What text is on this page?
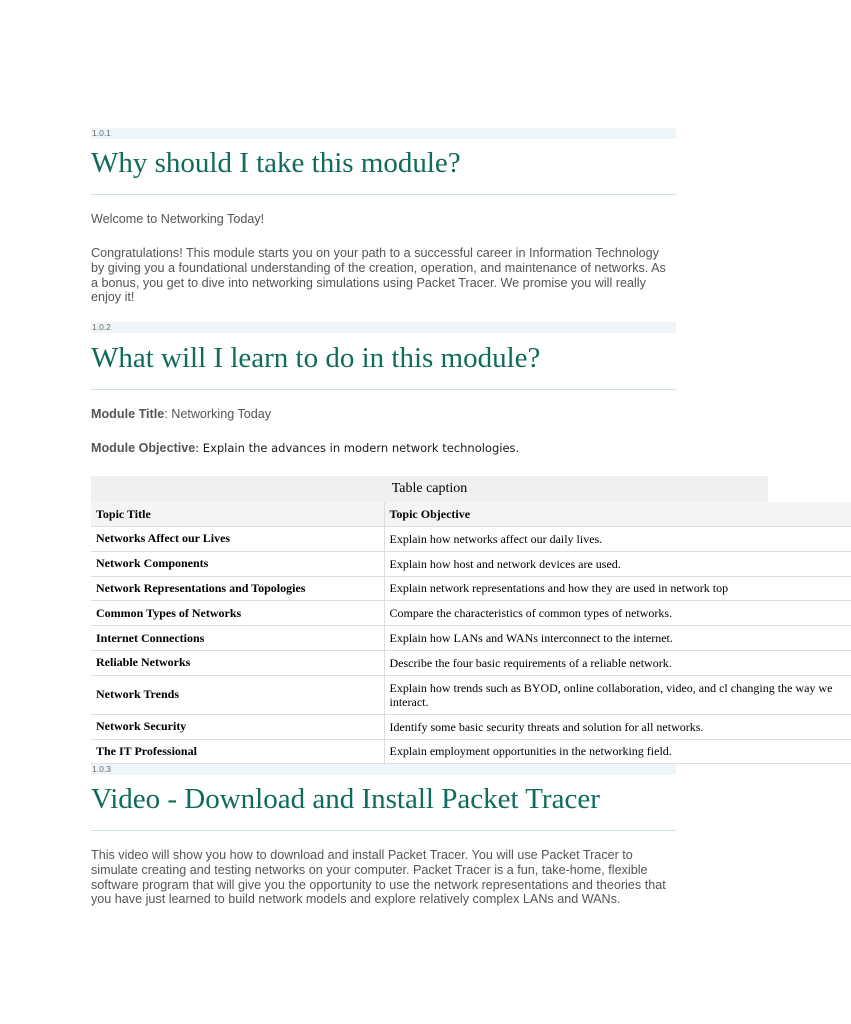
1.0.1
Why should I take this module?

Welcome to Networking Today!

Congratulations! This module starts you on your path to a successful career in Information Technology by giving you a foundational understanding of the creation, operation, and maintenance of networks. As a bonus, you get to dive into networking simulations using Packet Tracer. We promise you will really enjoy it!

1.0.2
What will I learn to do in this module?

Module Title: Networking Today

Module Objective: Explain the advances in modern network technologies.

Table caption
Topic Title	Topic Objective
Networks Affect our Lives	Explain how networks affect our daily lives.
Network Components	Explain how host and network devices are used.
Network Representations and Topologies	Explain network representations and how they are used in network top
Common Types of Networks	Compare the characteristics of common types of networks.
Internet Connections	Explain how LANs and WANs interconnect to the internet.
Reliable Networks	Describe the four basic requirements of a reliable network.
Network Trends	Explain how trends such as BYOD, online collaboration, video, and cl changing the way we interact.
Network Security	Identify some basic security threats and solution for all networks.
The IT Professional	Explain employment opportunities in the networking field.
1.0.3
Video - Download and Install Packet Tracer

This video will show you how to download and install Packet Tracer. You will use Packet Tracer to simulate creating and testing networks on your computer. Packet Tracer is a fun, take-home, flexible software program that will give you the opportunity to use the network representations and theories that you have just learned to build network models and explore relatively complex LANs and WANs.
